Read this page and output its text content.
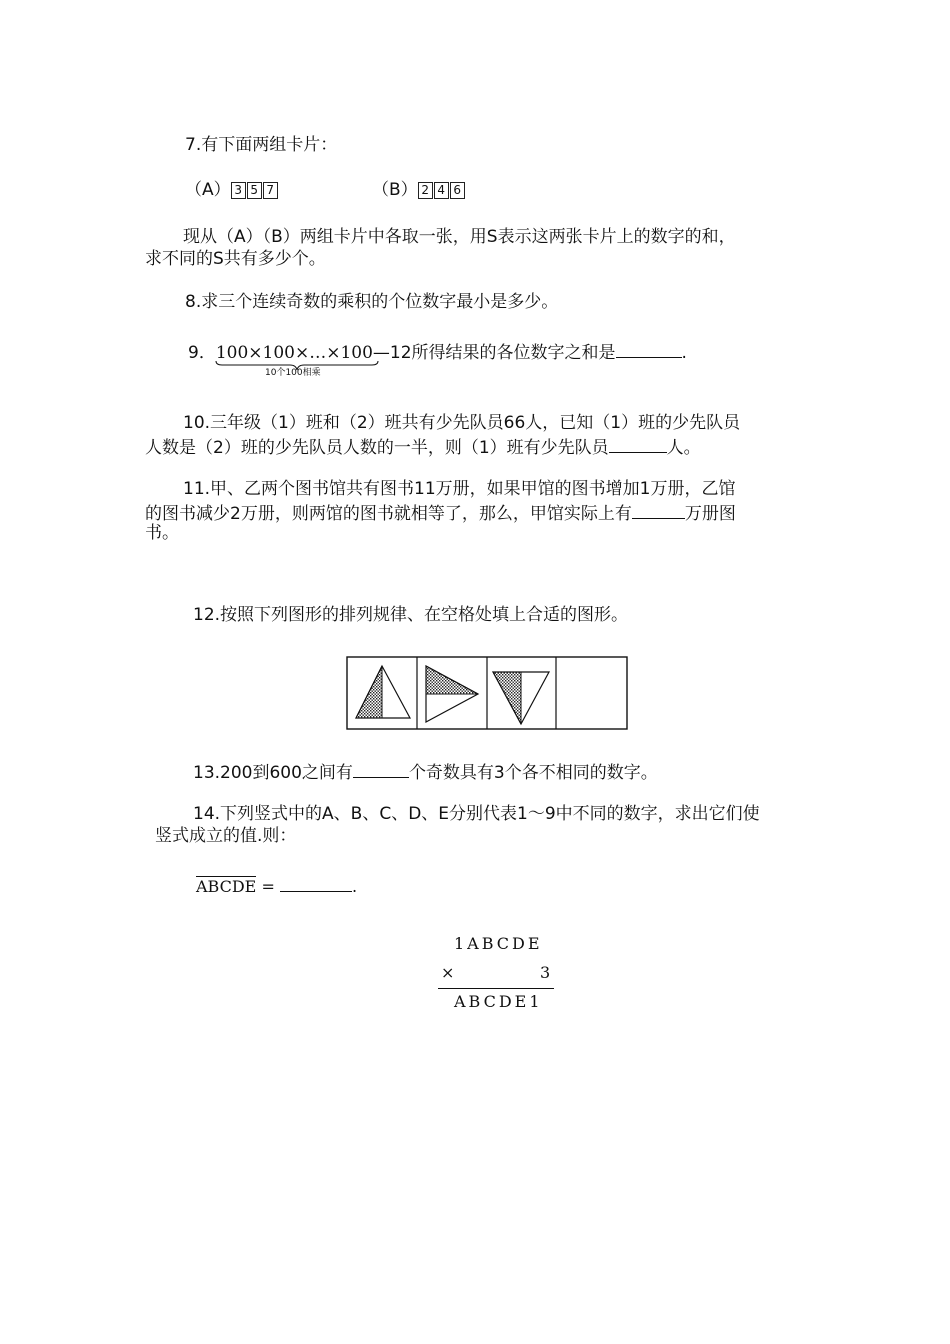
7.有下面两组卡片：
（A） 3 5 7	（B） 2 4 6
现从（A）（B）两组卡片中各取一张，用S表示这两张卡片上的数字的和，
求不同的S共有多少个。
8.求三个连续奇数的乘积的个位数字最小是多少。
9．100×100×…×100—12所得结果的各位数字之和是	.
10个100相乘
10.三年级（1）班和（2）班共有少先队员66人，已知（1）班的少先队员
人数是（2）班的少先队员人数的一半，则（1）班有少先队员	人。
11.甲、乙两个图书馆共有图书11万册，如果甲馆的图书增加1万册，乙馆
的图书减少2万册，则两馆的图书就相等了，那么，甲馆实际上有	万册图
书。
12.按照下列图形的排列规律、在空格处填上合适的图形。
13.200到600之间有	个奇数具有3个各不相同的数字。
14.下列竖式中的A、B、C、D、E分别代表1～9中不同的数字，求出它们使
竖式成立的值.则：
ABCDE =	.
1ABCDE
×	3
ABCDE1
